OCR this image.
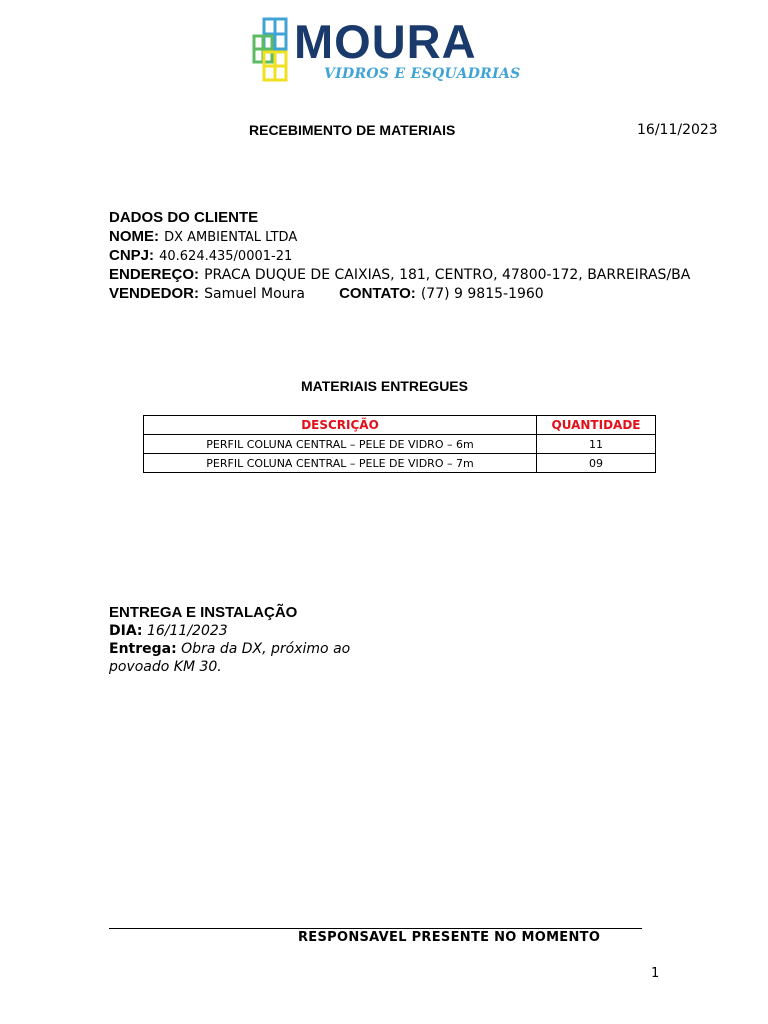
MOURA
VIDROS E ESQUADRIAS
RECEBIMENTO DE MATERIAIS	16/11/2023
DADOS DO CLIENTE
NOME: DX AMBIENTAL LTDA
CNPJ: 40.624.435/0001-21
ENDEREÇO: PRACA DUQUE DE CAIXIAS, 181, CENTRO, 47800-172, BARREIRAS/BA
VENDEDOR: Samuel Moura CONTATO: (77) 9 9815-1960
MATERIAIS ENTREGUES
DESCRIÇÃO	QUANTIDADE
PERFIL COLUNA CENTRAL – PELE DE VIDRO – 6m	11
PERFIL COLUNA CENTRAL – PELE DE VIDRO – 7m	09
ENTREGA E INSTALAÇÃO
DIA: 16/11/2023
Entrega: Obra da DX, próximo ao povoado KM 30.
RESPONSAVEL PRESENTE NO MOMENTO
1
